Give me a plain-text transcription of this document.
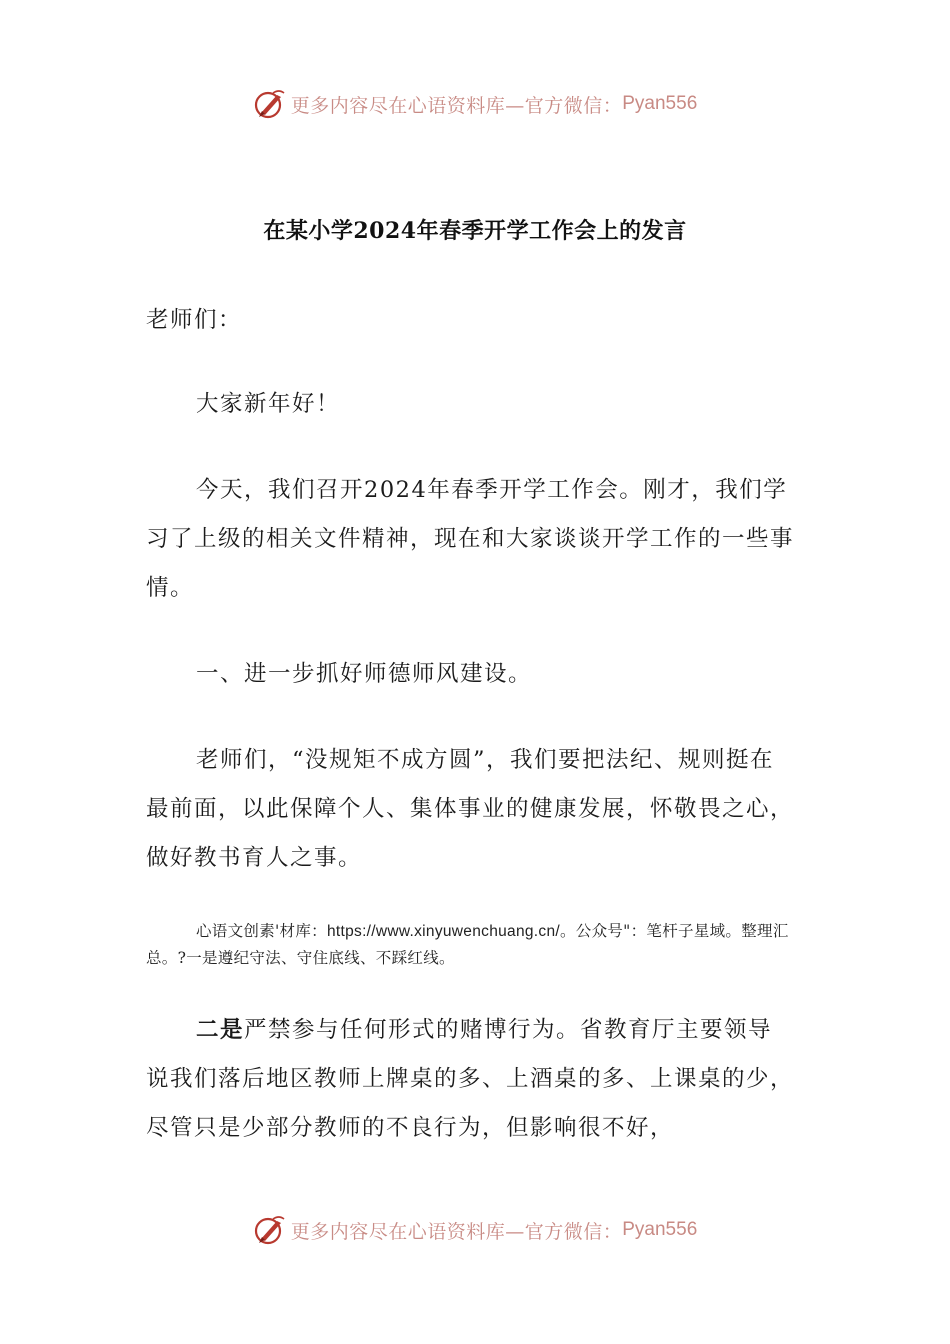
更多内容尽在心语资料库—官方微信： Pyan556
在某小学2024年春季开学工作会上的发言
老师们：
大家新年好！
今天，我们召开2024年春季开学工作会。刚才，我们学习了上级的相关文件精神，现在和大家谈谈开学工作的一些事情。
一、进一步抓好师德师风建设。
老师们，“没规矩不成方圆”，我们要把法纪、规则挺在最前面，以此保障个人、集体事业的健康发展，怀敬畏之心，做好教书育人之事。
心语文创素'材库：https://www.xinyuwenchuang.cn/。公众号"：笔杆子星域。整理汇总。?一是遵纪守法、守住底线、不踩红线。
二是严禁参与任何形式的赌博行为。省教育厅主要领导说我们落后地区教师上牌桌的多、上酒桌的多、上课桌的少，尽管只是少部分教师的不良行为，但影响很不好，
更多内容尽在心语资料库—官方微信： Pyan556
